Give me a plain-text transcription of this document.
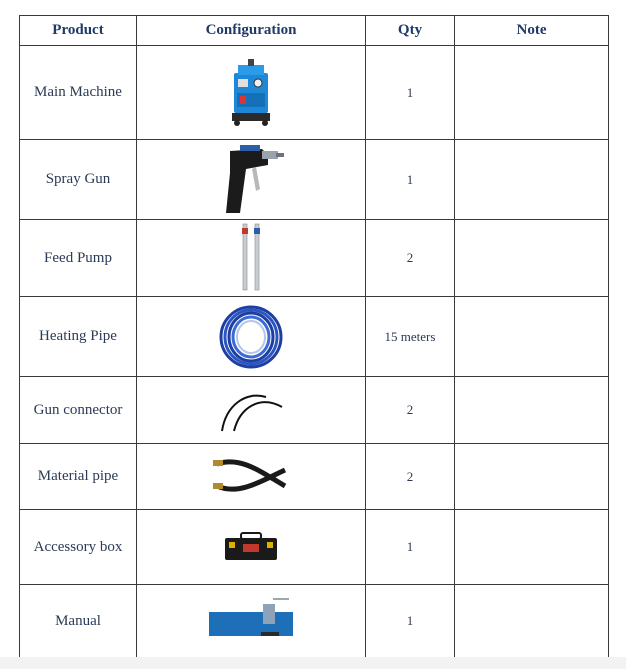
Product	Configuration	Qty	Note
Main Machine		1	
Spray Gun		1	
Feed Pump		2	
Heating Pipe		15 meters	
Gun connector		2	
Material pipe		2	
Accessory box		1	
Manual		1	
